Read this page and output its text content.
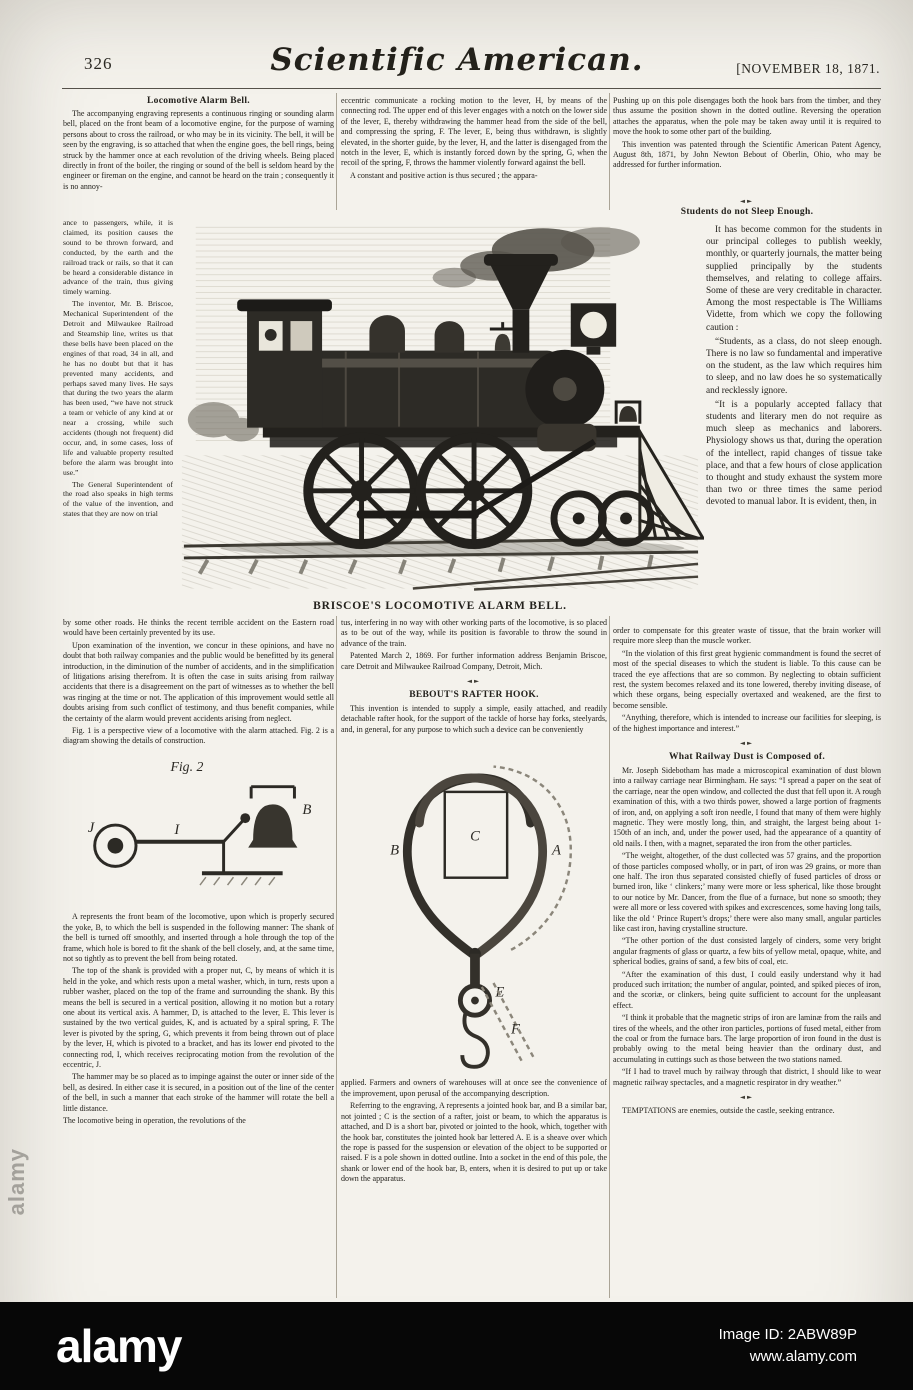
326	Scientific American.	[NOVEMBER 18, 1871.
Locomotive Alarm Bell.

The accompanying engraving represents a continuous ringing or sounding alarm bell, placed on the front beam of a locomotive engine, for the purpose of warning persons about to cross the railroad, or who may be in its vicinity. The bell, it will be seen by the engraving, is so attached that when the engine goes, the bell rings, being struck by the hammer once at each revolution of the driving wheels. Being placed directly in front of the boiler, the ringing or sound of the bell is seldom heard by the engineer or fireman on the engine, and cannot be heard on the train ; consequently it is no annoy-

ance to passengers, while, it is claimed, its position causes the sound to be thrown forward, and conducted, by the earth and the railroad track or rails, so that it can be heard a considerable distance in advance of the train, thus giving timely warning.

The inventor, Mr. B. Briscoe, Mechanical Superintendent of the Detroit and Milwaukee Railroad and Steamship line, writes us that these bells have been placed on the engines of that road, 34 in all, and he has no doubt but that it has prevented many accidents, and perhaps saved many lives. He says that during the two years the alarm has been used, “we have not struck a team or vehicle of any kind at or near a crossing, while such accidents (though not frequent) did occur, and, in some cases, loss of life and valuable property resulted before the alarm was brought into use.”

The General Superintendent of the road also speaks in high terms of the value of the invention, and states that they are now on trial

BRISCOE'S LOCOMOTIVE ALARM BELL.

by some other roads. He thinks the recent terrible accident on the Eastern road would have been certainly prevented by its use.

Upon examination of the invention, we concur in these opinions, and have no doubt that both railway companies and the public would be benefitted by its general introduction, in the diminution of the number of accidents, and in the simplification of litigations arising therefrom. It is often the case in suits arising from railway accidents that there is a disagreement on the part of witnesses as to whether the bell was ringing at the time or not. The application of this improvement would settle all doubts arising from such conflict of testimony, and thus benefit companies, while the certainty of the alarm would prevent accidents arising from neglect.

Fig. 1 is a perspective view of a locomotive with the alarm attached. Fig. 2 is a diagram showing the details of construction.

Fig. 2
J	I
B

A represents the front beam of the locomotive, upon which is properly secured the yoke, B, to which the bell is suspended in the following manner: The shank of the bell is turned off smoothly, and inserted through a hole through the top of the frame, which hole is bored to fit the shank of the bell closely, and, at the same time, not so tightly as to prevent the bell from being rotated.

The top of the shank is provided with a proper nut, C, by means of which it is held in the yoke, and which rests upon a metal washer, which, in turn, rests upon a rubber washer, placed on the top of the frame and surrounding the shank. By this means the bell is secured in a vertical position, allowing it no motion but a rotary one about its vertical axis. A hammer, D, is attached to the lever, E. This lever is sustained by the two vertical guides, K, and is actuated by a spiral spring, F. The lever is pivoted by the spring, G, which prevents it from being thrown out of place by the lever, H, which is pivoted to a bracket, and has its lower end pivoted to the connecting rod, I, which receives reciprocating motion from the revolution of the eccentric, J.

The hammer may be so placed as to impinge against the outer or inner side of the bell, as desired. In either case it is secured, in a position out of the line of the center of the bell, in such a manner that each stroke of the hammer will rotate the bell a little distance.

The locomotive being in operation, the revolutions of the

eccentric communicate a rocking motion to the lever, H, by means of the connecting rod. The upper end of this lever engages with a notch on the lower side of the lever, E, thereby withdrawing the hammer head from the side of the bell, and compressing the spring, F. The lever, E, being thus withdrawn, is slightly elevated, in the shorter guide, by the lever, H, and the latter is disengaged from the notch in the lever, E, which is instantly forced down by the spring, G, when the recoil of the spring, F, throws the hammer violently forward against the bell.

A constant and positive action is thus secured ; the appara-

tus, interfering in no way with other working parts of the locomotive, is so placed as to be out of the way, while its position is favorable to throw the sound in advance of the train.

Patented March 2, 1869. For further information address Benjamin Briscoe, care Detroit and Milwaukee Railroad Company, Detroit, Mich.

◄►
BEBOUT'S RAFTER HOOK.

This invention is intended to supply a simple, easily attached, and readily detachable rafter hook, for the support of the tackle of horse hay forks, steelyards, and, in general, for any purpose to which such a device can be conveniently

C
B	A
E
F

applied. Farmers and owners of warehouses will at once see the convenience of the improvement, upon perusal of the accompanying description.

Referring to the engraving, A represents a jointed hook bar, and B a similar bar, not jointed ; C is the section of a rafter, joist or beam, to which the apparatus is attached, and D is a short bar, pivoted or jointed to the hook, which, together with the hook bar, constitutes the jointed hook bar lettered A. E is a sheave over which the rope is passed for the suspension or elevation of the object to be supported or raised. F is a pole shown in dotted outline. Into a socket in the end of this pole, the shank or lower end of the hook bar, B, enters, when it is desired to put up or take down the apparatus.

Pushing up on this pole disengages both the hook bars from the timber, and they thus assume the position shown in the dotted outline. Reversing the operation attaches the apparatus, when the pole may be taken away until it is required to move the hook to some other part of the building.

This invention was patented through the Scientific American Patent Agency, August 8th, 1871, by John Newton Bebout of Oberlin, Ohio, who may be addressed for further information.

◄►
Students do not Sleep Enough.

It has become common for the students in our principal colleges to publish weekly, monthly, or quarterly journals, the matter being supplied principally by the students themselves, and relating to college affairs. Some of these are very creditable in character. Among the most respectable is The Williams Vidette, from which we copy the following caution :

“Students, as a class, do not sleep enough. There is no law so fundamental and imperative on the student, as the law which requires him to sleep, and no law does he so systematically and recklessly ignore.

“It is a popularly accepted fallacy that students and literary men do not require as much sleep as mechanics and laborers. Physiology shows us that, during the operation of the intellect, rapid changes of tissue take place, and that a few hours of close application to thought and study exhaust the system more than two or three times the same period devoted to manual labor. It is evident, then, in

order to compensate for this greater waste of tissue, that the brain worker will require more sleep than the muscle worker.

“In the violation of this first great hygienic commandment is found the secret of most of the special diseases to which the student is liable. To this cause can be traced the eye affections that are so common. By neglecting to obtain sufficient rest, the system becomes relaxed and its tone lowered, thereby inviting disease, of which these organs, being especially overtaxed and weakened, are the first to become sensible.

“Anything, therefore, which is intended to increase our facilities for sleeping, is of the highest importance and interest.”

◄►
What Railway Dust is Composed of.

Mr. Joseph Sidebotham has made a microscopical examination of dust blown into a railway carriage near Birmingham. He says: “I spread a paper on the seat of the carriage, near the open window, and collected the dust that fell upon it. A rough examination of this, with a two thirds power, showed a large portion of fragments of iron, and, on applying a soft iron needle, I found that many of them were highly magnetic. They were mostly long, thin, and straight, the largest being about 1-150th of an inch, and, under the power used, had the appearance of a quantity of old nails. I then, with a magnet, separated the iron from the other particles.

“The weight, altogether, of the dust collected was 57 grains, and the proportion of those particles composed wholly, or in part, of iron was 29 grains, or more than one half. The iron thus separated consisted chiefly of fused particles of dross or burned iron, like ‘ clinkers;’ many were more or less spherical, like those brought to our notice by Mr. Dancer, from the flue of a furnace, but none so smooth; they were all more or less covered with spikes and excrescences, some having long tails, like the old ‘ Prince Rupert’s drops;’ there were also many small, angular particles like cast iron, having crystalline structure.

“The other portion of the dust consisted largely of cinders, some very bright angular fragments of glass or quartz, a few bits of yellow metal, opaque, white, and spherical bodies, grains of sand, a few bits of coal, etc.

“After the examination of this dust, I could easily understand why it had produced such irritation; the number of angular, pointed, and spiked pieces of iron, and the scoriæ, or clinkers, being quite sufficient to account for the unpleasant effect.

“I think it probable that the magnetic strips of iron are laminæ from the rails and tires of the wheels, and the other iron particles, portions of fused metal, either from the coal or from the furnace bars. The large proportion of iron found in the dust is probably owing to the metal being heavier than the ordinary dust, and accumulating in cuttings such as those between the two stations named.

“If I had to travel much by railway through that district, I should like to wear magnetic railway spectacles, and a magnetic respirator in dry weather.”

◄►

TEMPTATIONS are enemies, outside the castle, seeking entrance.

alamy
alamy	Image ID: 2ABW89P
www.alamy.com
